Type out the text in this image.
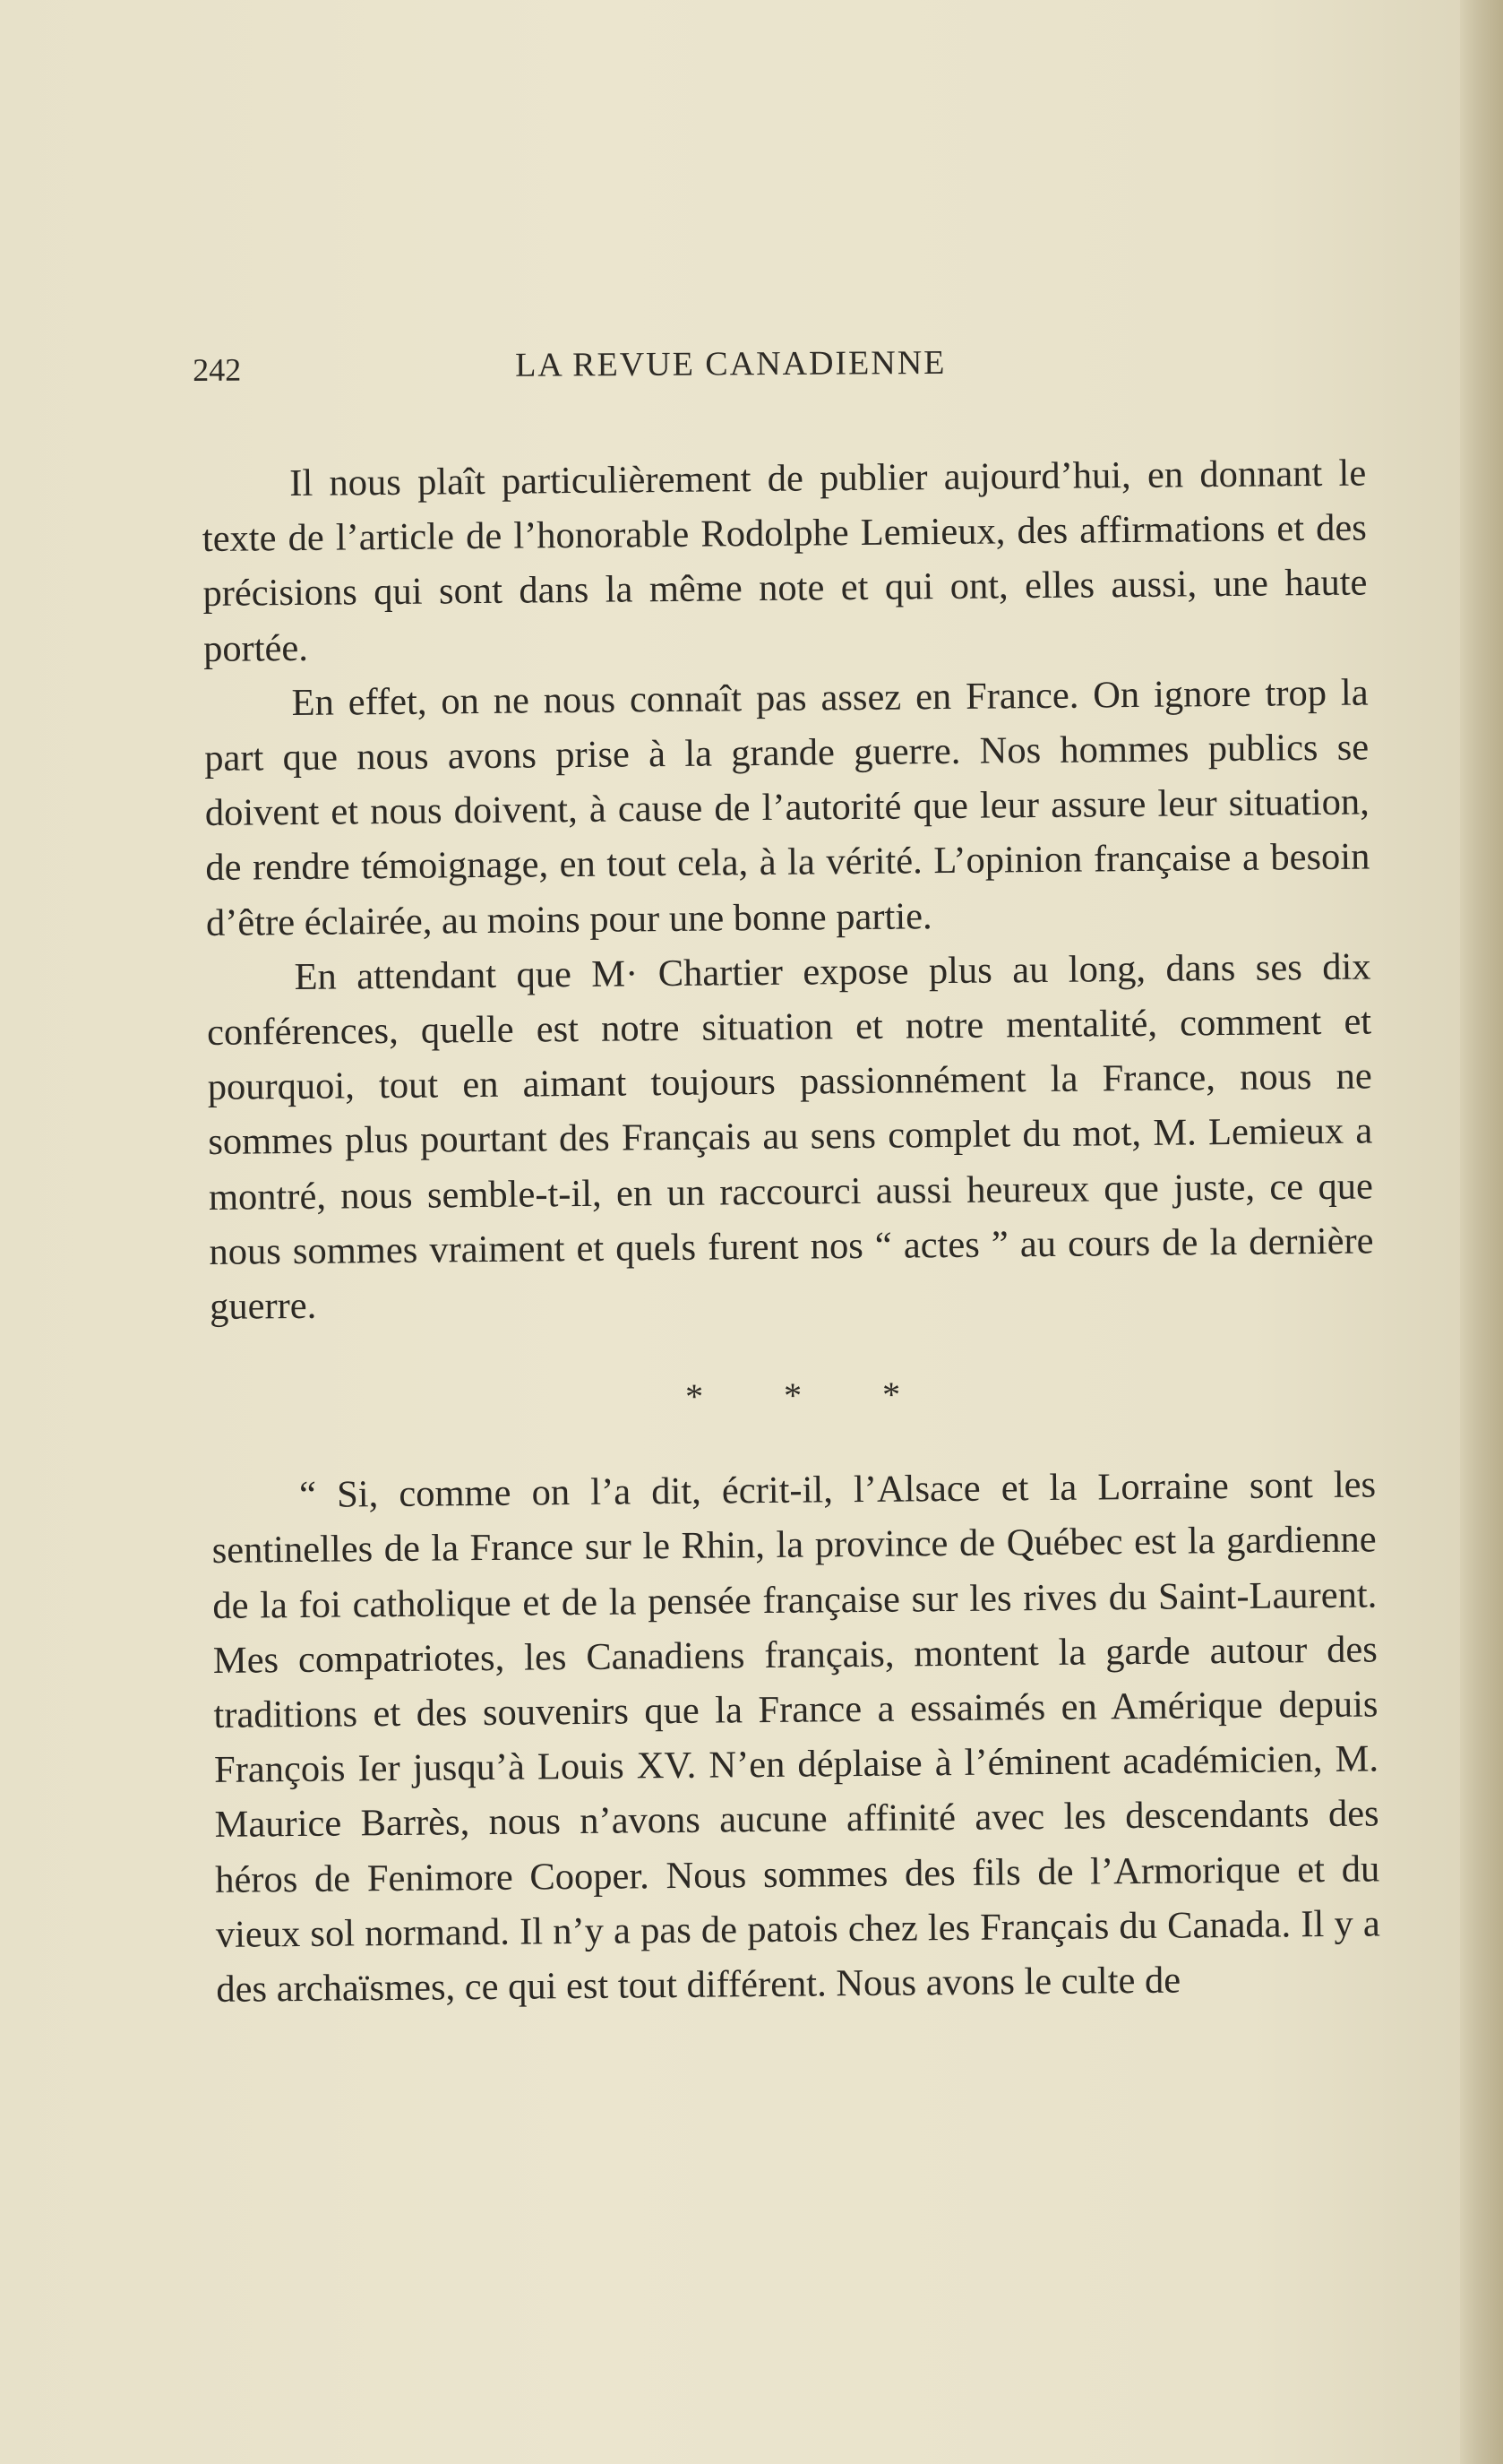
242	LA REVUE CANADIENNE

Il nous plaît particulièrement de publier aujourd’hui, en donnant le texte de l’article de l’honorable Rodolphe Lemieux, des affirmations et des précisions qui sont dans la même note et qui ont, elles aussi, une haute portée.

En effet, on ne nous connaît pas assez en France. On ignore trop la part que nous avons prise à la grande guerre. Nos hommes publics se doivent et nous doivent, à cause de l’autorité que leur assure leur situation, de rendre témoignage, en tout cela, à la vérité. L’opinion française a besoin d’être éclairée, au moins pour une bonne partie.

En attendant que M· Chartier expose plus au long, dans ses dix conférences, quelle est notre situation et notre mentalité, comment et pourquoi, tout en aimant toujours passionnément la France, nous ne sommes plus pourtant des Français au sens complet du mot, M. Lemieux a montré, nous semble-t-il, en un raccourci aussi heureux que juste, ce que nous sommes vraiment et quels furent nos “ actes ” au cours de la dernière guerre.

* * *

“ Si, comme on l’a dit, écrit-il, l’Alsace et la Lorraine sont les sentinelles de la France sur le Rhin, la province de Québec est la gardienne de la foi catholique et de la pensée française sur les rives du Saint-Laurent. Mes compatriotes, les Canadiens français, montent la garde autour des traditions et des souvenirs que la France a essaimés en Amérique depuis François Ier jusqu’à Louis XV. N’en déplaise à l’éminent académicien, M. Maurice Barrès, nous n’avons aucune affinité avec les descendants des héros de Fenimore Cooper. Nous sommes des fils de l’Armorique et du vieux sol normand. Il n’y a pas de patois chez les Français du Canada. Il y a des archaïsmes, ce qui est tout différent. Nous avons le culte de
